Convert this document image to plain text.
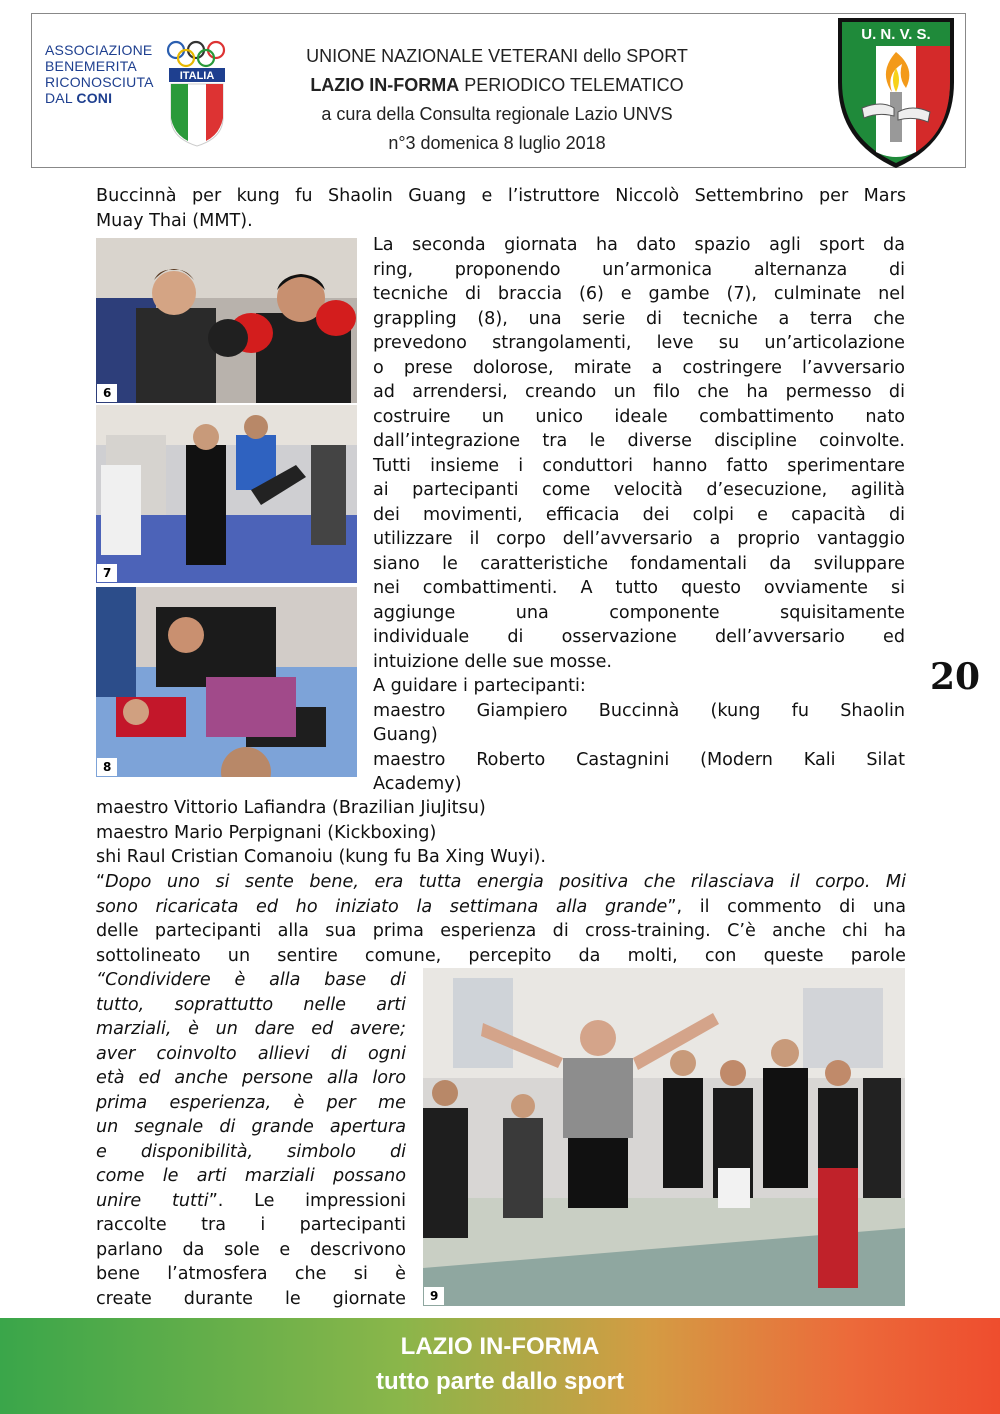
ASSOCIAZIONE
BENEMERITA
RICONOSCIUTA
DAL CONI
ITALIA
UNIONE NAZIONALE VETERANI dello SPORT
LAZIO IN-FORMA PERIODICO TELEMATICO
a cura della Consulta regionale Lazio UNVS
n°3 domenica 8 luglio 2018
U. N. V. S.
Buccinnà per kung fu Shaolin Guang e l’istruttore Niccolò Settembrino per Mars
Muay Thai (MMT).
6
7
8
La seconda giornata ha dato spazio agli sport da
ring, proponendo un’armonica alternanza di
tecniche di braccia (6) e gambe (7), culminate nel
grappling (8), una serie di tecniche a terra che
prevedono strangolamenti, leve su un’articolazione
o prese dolorose, mirate a costringere l’avversario
ad arrendersi, creando un filo che ha permesso di
costruire un unico ideale combattimento nato
dall’integrazione tra le diverse discipline coinvolte.
Tutti insieme i conduttori hanno fatto sperimentare
ai partecipanti come velocità d’esecuzione, agilità
dei movimenti, efficacia dei colpi e capacità di
utilizzare il corpo dell’avversario a proprio vantaggio
siano le caratteristiche fondamentali da sviluppare
nei combattimenti. A tutto questo ovviamente si
aggiunge una componente squisitamente
individuale di osservazione dell’avversario ed
intuizione delle sue mosse.
A guidare i partecipanti:
maestro Giampiero Buccinnà (kung fu Shaolin
Guang)
maestro Roberto Castagnini (Modern Kali Silat
Academy)
20
maestro Vittorio Lafiandra (Brazilian JiuJitsu)
maestro Mario Perpignani (Kickboxing)
shi Raul Cristian Comanoiu (kung fu Ba Xing Wuyi).
“Dopo uno si sente bene, era tutta energia positiva che rilasciava il corpo. Mi
sono ricaricata ed ho iniziato la settimana alla grande”, il commento di una
delle partecipanti alla sua prima esperienza di cross-training. C’è anche chi ha
sottolineato un sentire comune, percepito da molti, con queste parole
“Condividere è alla base di
tutto, soprattutto nelle arti
marziali, è un dare ed avere;
aver coinvolto allievi di ogni
età ed anche persone alla loro
prima esperienza, è per me
un segnale di grande apertura
e disponibilità, simbolo di
come le arti marziali possano
unire tutti”. Le impressioni
raccolte tra i partecipanti
parlano da sole e descrivono
bene l’atmosfera che si è
create durante le giornate	9
LAZIO IN-FORMA
tutto parte dallo sport
